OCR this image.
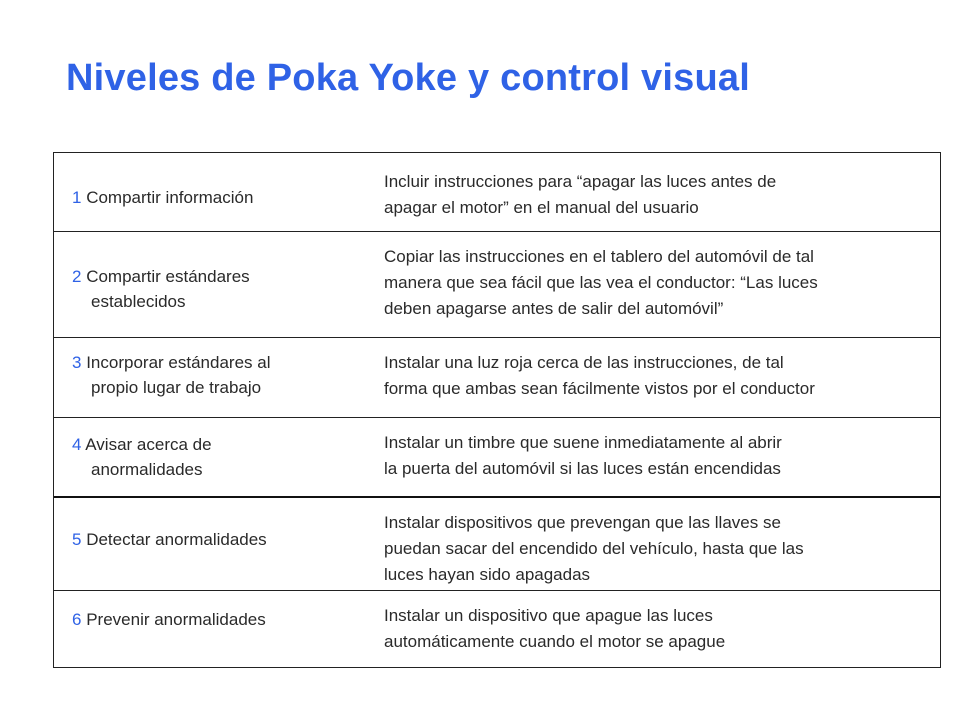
Niveles de Poka Yoke y control visual
1 Compartir información
Incluir instrucciones para “apagar las luces antes de
apagar el motor” en el manual del usuario
2 Compartir estándares
establecidos
Copiar las instrucciones en el tablero del automóvil de tal
manera que sea fácil que las vea el conductor: “Las luces
deben apagarse antes de salir del automóvil”
3 Incorporar estándares al
propio lugar de trabajo
Instalar una luz roja cerca de las instrucciones, de tal
forma que ambas sean fácilmente vistos por el conductor
4 Avisar acerca de
anormalidades
Instalar un timbre que suene inmediatamente al abrir
la puerta del automóvil si las luces están encendidas
5 Detectar anormalidades
Instalar dispositivos que prevengan que las llaves se
puedan sacar del encendido del vehículo, hasta que las
luces hayan sido apagadas
6 Prevenir anormalidades	Instalar un dispositivo que apague las luces
automáticamente cuando el motor se apague
